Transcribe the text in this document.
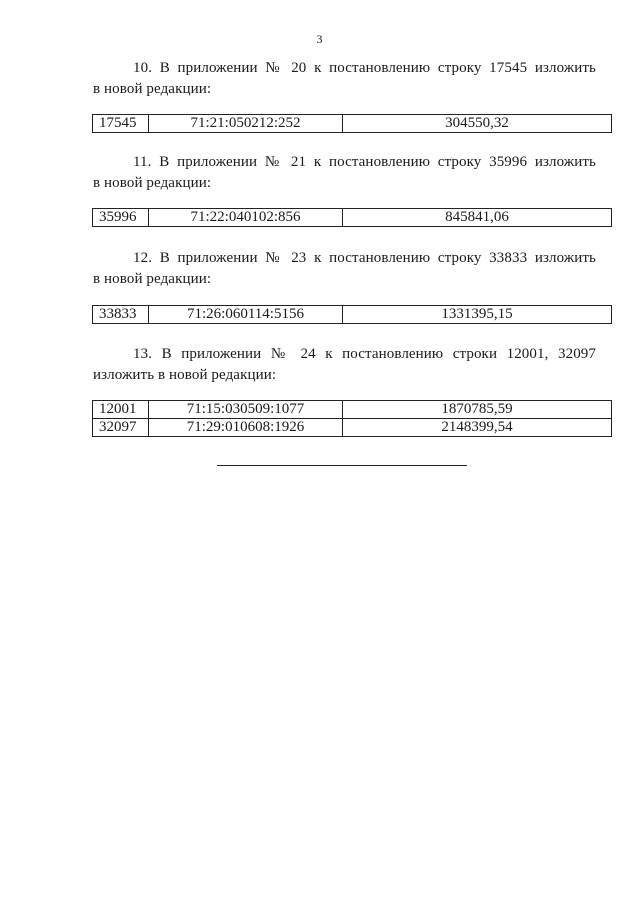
3
10. В приложении № 20 к постановлению строку 17545 изложить
в новой редакции:
17545	71:21:050212:252	304550,32
11. В приложении № 21 к постановлению строку 35996 изложить
в новой редакции:
35996	71:22:040102:856	845841,06
12. В приложении № 23 к постановлению строку 33833 изложить
в новой редакции:
33833	71:26:060114:5156	1331395,15
13. В приложении № 24 к постановлению строки 12001, 32097
изложить в новой редакции:
12001	71:15:030509:1077	1870785,59
32097	71:29:010608:1926	2148399,54
